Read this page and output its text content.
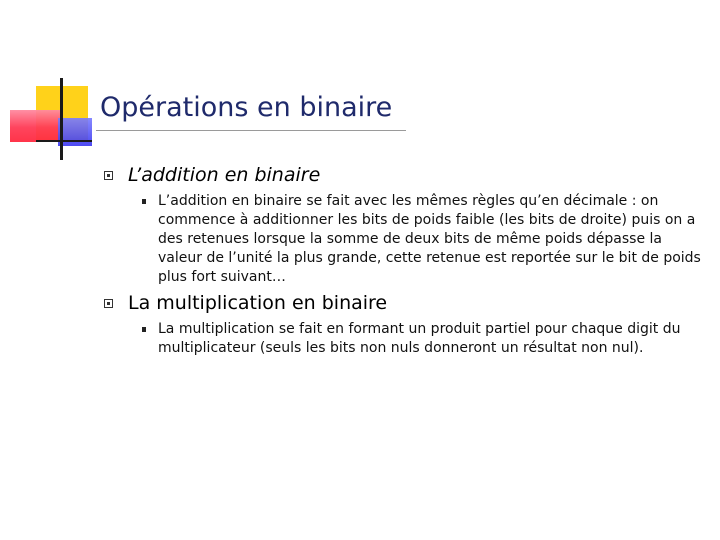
Opérations en binaire
L’addition en binaire
L’addition en binaire se fait avec les mêmes règles qu’en décimale : on commence à additionner les bits de poids faible (les bits de droite) puis on a des retenues lorsque la somme de deux bits de même poids dépasse la valeur de l’unité la plus grande, cette retenue est reportée sur le bit de poids plus fort suivant…
La multiplication en binaire
La multiplication se fait en formant un produit partiel pour chaque digit du multiplicateur (seuls les bits non nuls donneront un résultat non nul).
